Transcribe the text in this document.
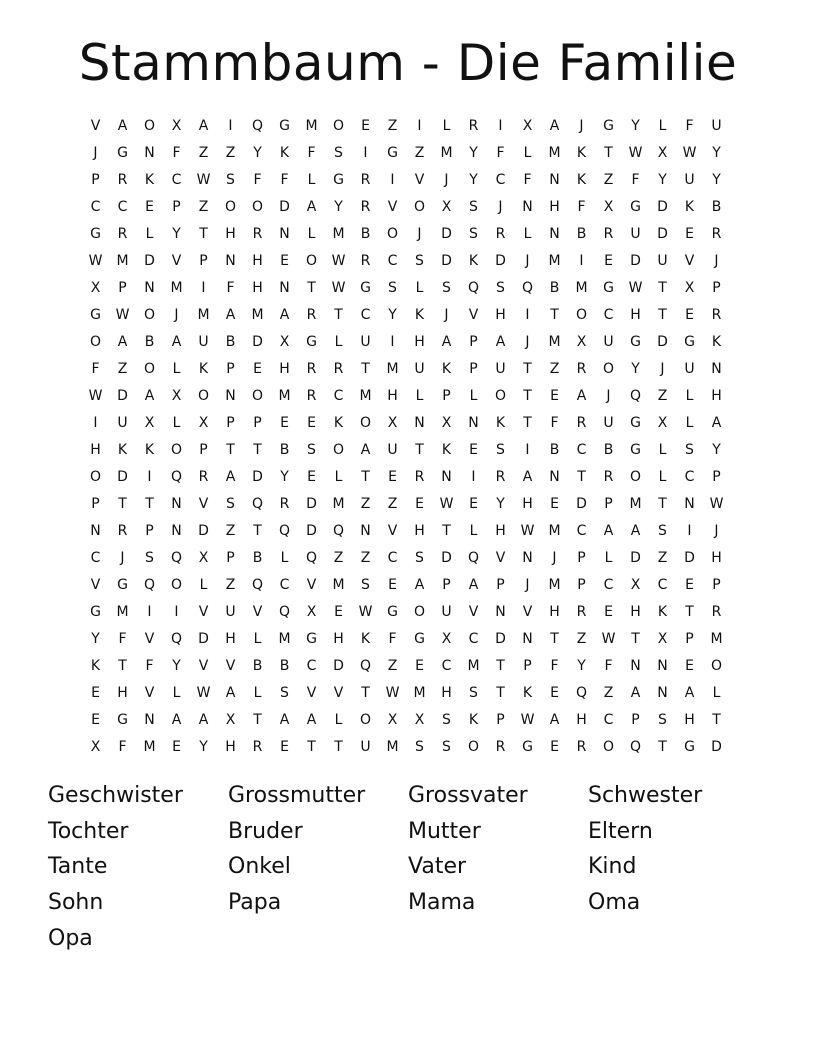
Stammbaum - Die Familie
V	A	O	X	A	I	Q	G	M	O	E	Z	I	L	R	I	X	A	J	G	Y	L	F	U
J	G	N	F	Z	Z	Y	K	F	S	I	G	Z	M	Y	F	L	M	K	T	W	X	W	Y
P	R	K	C	W	S	F	F	L	G	R	I	V	J	Y	C	F	N	K	Z	F	Y	U	Y
C	C	E	P	Z	O	O	D	A	Y	R	V	O	X	S	J	N	H	F	X	G	D	K	B
G	R	L	Y	T	H	R	N	L	M	B	O	J	D	S	R	L	N	B	R	U	D	E	R
W	M	D	V	P	N	H	E	O	W	R	C	S	D	K	D	J	M	I	E	D	U	V	J
X	P	N	M	I	F	H	N	T	W	G	S	L	S	Q	S	Q	B	M	G	W	T	X	P
G	W	O	J	M	A	M	A	R	T	C	Y	K	J	V	H	I	T	O	C	H	T	E	R
O	A	B	A	U	B	D	X	G	L	U	I	H	A	P	A	J	M	X	U	G	D	G	K
F	Z	O	L	K	P	E	H	R	R	T	M	U	K	P	U	T	Z	R	O	Y	J	U	N
W	D	A	X	O	N	O	M	R	C	M	H	L	P	L	O	T	E	A	J	Q	Z	L	H
I	U	X	L	X	P	P	E	E	K	O	X	N	X	N	K	T	F	R	U	G	X	L	A
H	K	K	O	P	T	T	B	S	O	A	U	T	K	E	S	I	B	C	B	G	L	S	Y
O	D	I	Q	R	A	D	Y	E	L	T	E	R	N	I	R	A	N	T	R	O	L	C	P
P	T	T	N	V	S	Q	R	D	M	Z	Z	E	W	E	Y	H	E	D	P	M	T	N	W
N	R	P	N	D	Z	T	Q	D	Q	N	V	H	T	L	H	W	M	C	A	A	S	I	J
C	J	S	Q	X	P	B	L	Q	Z	Z	C	S	D	Q	V	N	J	P	L	D	Z	D	H
V	G	Q	O	L	Z	Q	C	V	M	S	E	A	P	A	P	J	M	P	C	X	C	E	P
G	M	I	I	V	U	V	Q	X	E	W	G	O	U	V	N	V	H	R	E	H	K	T	R
Y	F	V	Q	D	H	L	M	G	H	K	F	G	X	C	D	N	T	Z	W	T	X	P	M
K	T	F	Y	V	V	B	B	C	D	Q	Z	E	C	M	T	P	F	Y	F	N	N	E	O
E	H	V	L	W	A	L	S	V	V	T	W	M	H	S	T	K	E	Q	Z	A	N	A	L
E	G	N	A	A	X	T	A	A	L	O	X	X	S	K	P	W	A	H	C	P	S	H	T
X	F	M	E	Y	H	R	E	T	T	U	M	S	S	O	R	G	E	R	O	Q	T	G	D
Geschwister	Grossmutter	Grossvater	Schwester
Tochter	Bruder	Mutter	Eltern
Tante	Onkel	Vater	Kind
Sohn	Papa	Mama	Oma
Opa
